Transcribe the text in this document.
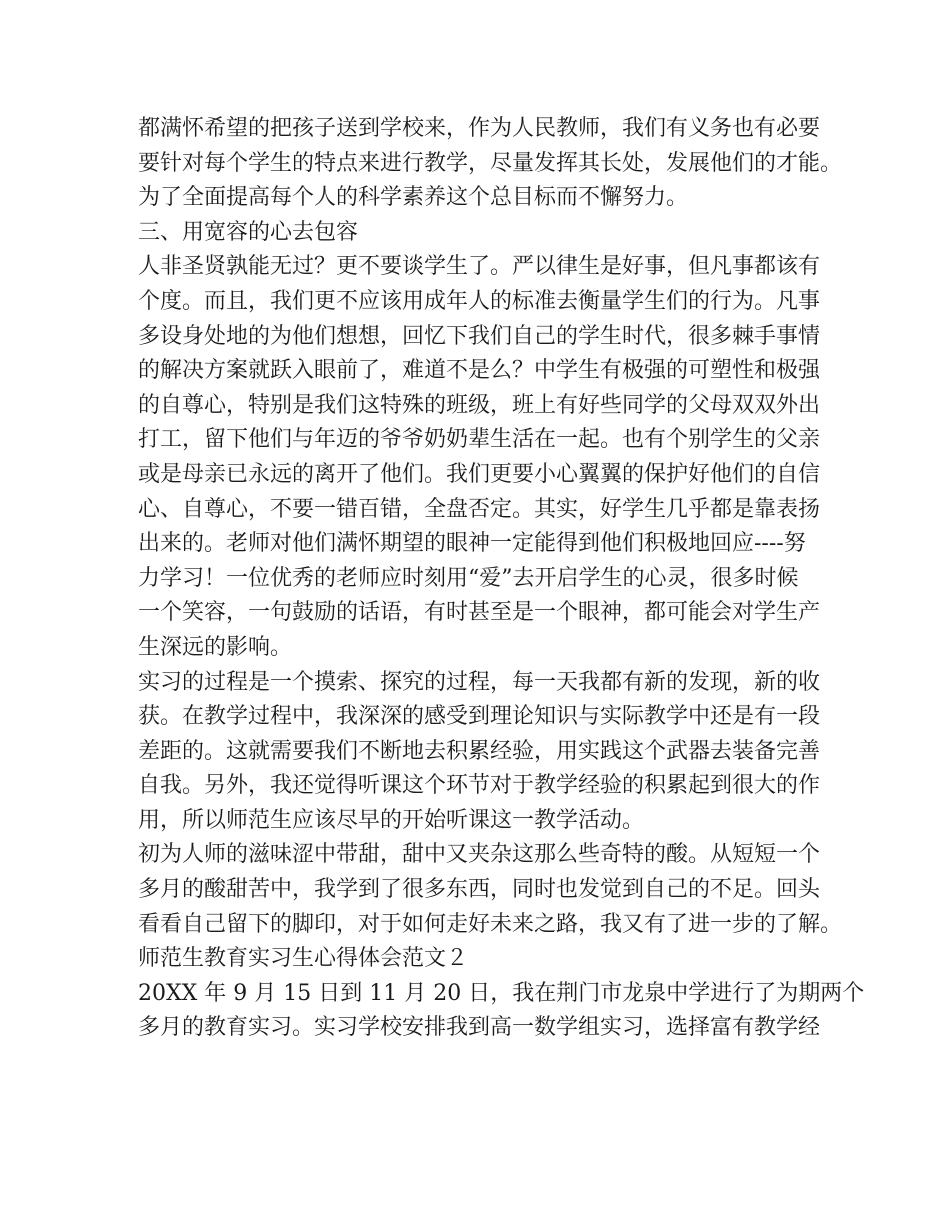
都满怀希望的把孩子送到学校来，作为人民教师，我们有义务也有必要
要针对每个学生的特点来进行教学，尽量发挥其长处，发展他们的才能。
为了全面提高每个人的科学素养这个总目标而不懈努力。
三、用宽容的心去包容
人非圣贤孰能无过？更不要谈学生了。严以律生是好事，但凡事都该有
个度。而且，我们更不应该用成年人的标准去衡量学生们的行为。凡事
多设身处地的为他们想想，回忆下我们自己的学生时代，很多棘手事情
的解决方案就跃入眼前了，难道不是么？中学生有极强的可塑性和极强
的自尊心，特别是我们这特殊的班级，班上有好些同学的父母双双外出
打工，留下他们与年迈的爷爷奶奶辈生活在一起。也有个别学生的父亲
或是母亲已永远的离开了他们。我们更要小心翼翼的保护好他们的自信
心、自尊心，不要一错百错，全盘否定。其实，好学生几乎都是靠表扬
出来的。老师对他们满怀期望的眼神一定能得到他们积极地回应----努
力学习！一位优秀的老师应时刻用“爱”去开启学生的心灵，很多时候
一个笑容，一句鼓励的话语，有时甚至是一个眼神，都可能会对学生产
生深远的影响。
实习的过程是一个摸索、探究的过程，每一天我都有新的发现，新的收
获。在教学过程中，我深深的感受到理论知识与实际教学中还是有一段
差距的。这就需要我们不断地去积累经验，用实践这个武器去装备完善
自我。另外，我还觉得听课这个环节对于教学经验的积累起到很大的作
用，所以师范生应该尽早的开始听课这一教学活动。
初为人师的滋味涩中带甜，甜中又夹杂这那么些奇特的酸。从短短一个
多月的酸甜苦中，我学到了很多东西，同时也发觉到自己的不足。回头
看看自己留下的脚印，对于如何走好未来之路，我又有了进一步的了解。
师范生教育实习生心得体会范文２
20XX 年 9 月 15 日到 11 月 20 日，我在荆门市龙泉中学进行了为期两个
多月的教育实习。实习学校安排我到高一数学组实习，选择富有教学经
